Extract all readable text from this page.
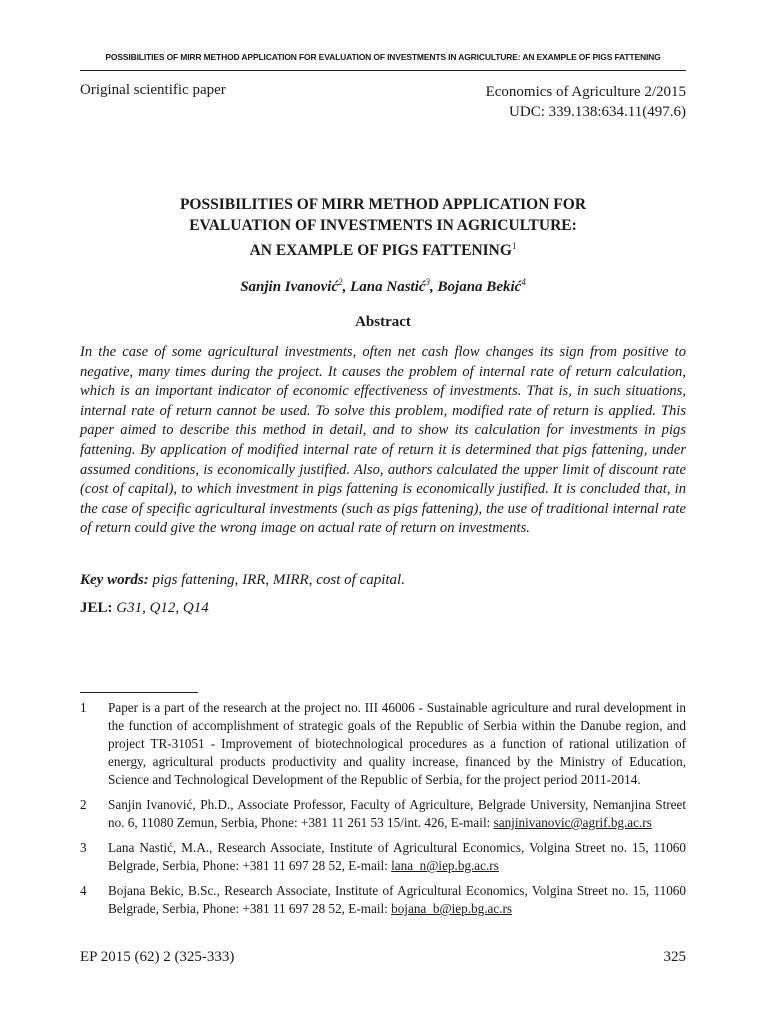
POSSIBILITIES OF MIRR METHOD APPLICATION FOR EVALUATION OF INVESTMENTS IN AGRICULTURE: AN EXAMPLE OF PIGS FATTENING
Original scientific paper	Economics of Agriculture 2/2015
UDC: 339.138:634.11(497.6)
POSSIBILITIES OF MIRR METHOD APPLICATION FOR
EVALUATION OF INVESTMENTS IN AGRICULTURE:
AN EXAMPLE OF PIGS FATTENING$^1$
Sanjin Ivanović$^2$, Lana Nastić$^3$, Bojana Bekić$^4$
Abstract
In the case of some agricultural investments, often net cash flow changes its sign from positive to negative, many times during the project. It causes the problem of internal rate of return calculation, which is an important indicator of economic effectiveness of investments. That is, in such situations, internal rate of return cannot be used. To solve this problem, modified rate of return is applied. This paper aimed to describe this method in detail, and to show its calculation for investments in pigs fattening. By application of modified internal rate of return it is determined that pigs fattening, under assumed conditions, is economically justified. Also, authors calculated the upper limit of discount rate (cost of capital), to which investment in pigs fattening is economically justified. It is concluded that, in the case of specific agricultural investments (such as pigs fattening), the use of traditional internal rate of return could give the wrong image on actual rate of return on investments.
Key words: pigs fattening, IRR, MIRR, cost of capital.
JEL: G31, Q12, Q14
1	Paper is a part of the research at the project no. III 46006 - Sustainable agriculture and rural development in the function of accomplishment of strategic goals of the Republic of Serbia within the Danube region, and project TR-31051 - Improvement of biotechnological procedures as a function of rational utilization of energy, agricultural products productivity and quality increase, financed by the Ministry of Education, Science and Technological Development of the Republic of Serbia, for the project period 2011-2014.
2	Sanjin Ivanović, Ph.D., Associate Professor, Faculty of Agriculture, Belgrade University, Nemanjina Street no. 6, 11080 Zemun, Serbia, Phone: +381 11 261 53 15/int. 426, E-mail: sanjinivanovic@agrif.bg.ac.rs
3	Lana Nastić, M.A., Research Associate, Institute of Agricultural Economics, Volgina Street no. 15, 11060 Belgrade, Serbia, Phone: +381 11 697 28 52, E-mail: lana_n@iep.bg.ac.rs
4	Bojana Bekic, B.Sc., Research Associate, Institute of Agricultural Economics, Volgina Street no. 15, 11060 Belgrade, Serbia, Phone: +381 11 697 28 52, E-mail: bojana_b@iep.bg.ac.rs
EP 2015 (62) 2 (325-333)	325
